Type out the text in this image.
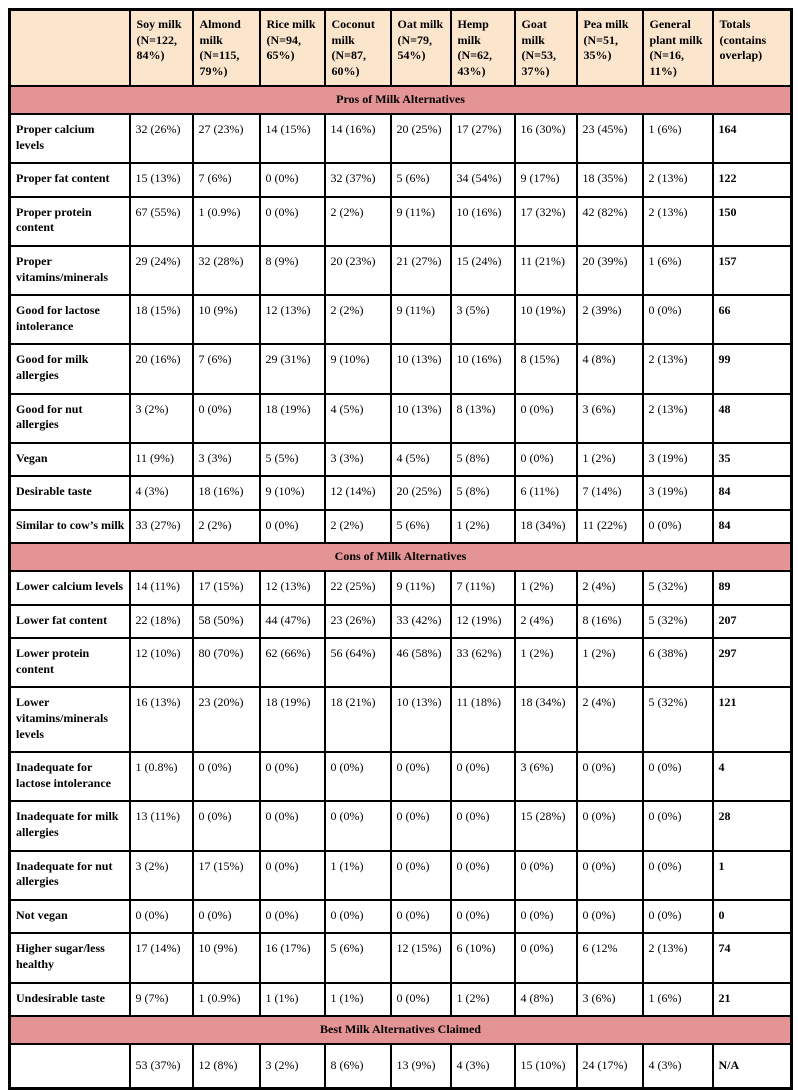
	Soy milk (N=122, 84%)	Almond milk (N=115, 79%)	Rice milk (N=94, 65%)	Coconut milk (N=87, 60%)	Oat milk (N=79, 54%)	Hemp milk (N=62, 43%)	Goat milk (N=53, 37%)	Pea milk (N=51, 35%)	General plant milk (N=16, 11%)	Totals (contains overlap)
Pros of Milk Alternatives										
Proper calcium levels	32 (26%)	27 (23%)	14 (15%)	14 (16%)	20 (25%)	17 (27%)	16 (30%)	23 (45%)	1 (6%)	164
Proper fat content	15 (13%)	7 (6%)	0 (0%)	32 (37%)	5 (6%)	34 (54%)	9 (17%)	18 (35%)	2 (13%)	122
Proper protein content	67 (55%)	1 (0.9%)	0 (0%)	2 (2%)	9 (11%)	10 (16%)	17 (32%)	42 (82%)	2 (13%)	150
Proper vitamins/minerals	29 (24%)	32 (28%)	8 (9%)	20 (23%)	21 (27%)	15 (24%)	11 (21%)	20 (39%)	1 (6%)	157
Good for lactose intolerance	18 (15%)	10 (9%)	12 (13%)	2 (2%)	9 (11%)	3 (5%)	10 (19%)	2 (39%)	0 (0%)	66
Good for milk allergies	20 (16%)	7 (6%)	29 (31%)	9 (10%)	10 (13%)	10 (16%)	8 (15%)	4 (8%)	2 (13%)	99
Good for nut allergies	3 (2%)	0 (0%)	18 (19%)	4 (5%)	10 (13%)	8 (13%)	0 (0%)	3 (6%)	2 (13%)	48
Vegan	11 (9%)	3 (3%)	5 (5%)	3 (3%)	4 (5%)	5 (8%)	0 (0%)	1 (2%)	3 (19%)	35
Desirable taste	4 (3%)	18 (16%)	9 (10%)	12 (14%)	20 (25%)	5 (8%)	6 (11%)	7 (14%)	3 (19%)	84
Similar to cow’s milk	33 (27%)	2 (2%)	0 (0%)	2 (2%)	5 (6%)	1 (2%)	18 (34%)	11 (22%)	0 (0%)	84
Cons of Milk Alternatives										
Lower calcium levels	14 (11%)	17 (15%)	12 (13%)	22 (25%)	9 (11%)	7 (11%)	1 (2%)	2 (4%)	5 (32%)	89
Lower fat content	22 (18%)	58 (50%)	44 (47%)	23 (26%)	33 (42%)	12 (19%)	2 (4%)	8 (16%)	5 (32%)	207
Lower protein content	12 (10%)	80 (70%)	62 (66%)	56 (64%)	46 (58%)	33 (62%)	1 (2%)	1 (2%)	6 (38%)	297
Lower vitamins/minerals levels	16 (13%)	23 (20%)	18 (19%)	18 (21%)	10 (13%)	11 (18%)	18 (34%)	2 (4%)	5 (32%)	121
Inadequate for lactose intolerance	1 (0.8%)	0 (0%)	0 (0%)	0 (0%)	0 (0%)	0 (0%)	3 (6%)	0 (0%)	0 (0%)	4
Inadequate for milk allergies	13 (11%)	0 (0%)	0 (0%)	0 (0%)	0 (0%)	0 (0%)	15 (28%)	0 (0%)	0 (0%)	28
Inadequate for nut allergies	3 (2%)	17 (15%)	0 (0%)	1 (1%)	0 (0%)	0 (0%)	0 (0%)	0 (0%)	0 (0%)	1
Not vegan	0 (0%)	0 (0%)	0 (0%)	0 (0%)	0 (0%)	0 (0%)	0 (0%)	0 (0%)	0 (0%)	0
Higher sugar/less healthy	17 (14%)	10 (9%)	16 (17%)	5 (6%)	12 (15%)	6 (10%)	0 (0%)	6 (12%	2 (13%)	74
Undesirable taste	9 (7%)	1 (0.9%)	1 (1%)	1 (1%)	0 (0%)	1 (2%)	4 (8%)	3 (6%)	1 (6%)	21
Best Milk Alternatives Claimed										
	53 (37%)	12 (8%)	3 (2%)	8 (6%)	13 (9%)	4 (3%)	15 (10%)	24 (17%)	4 (3%)	N/A
